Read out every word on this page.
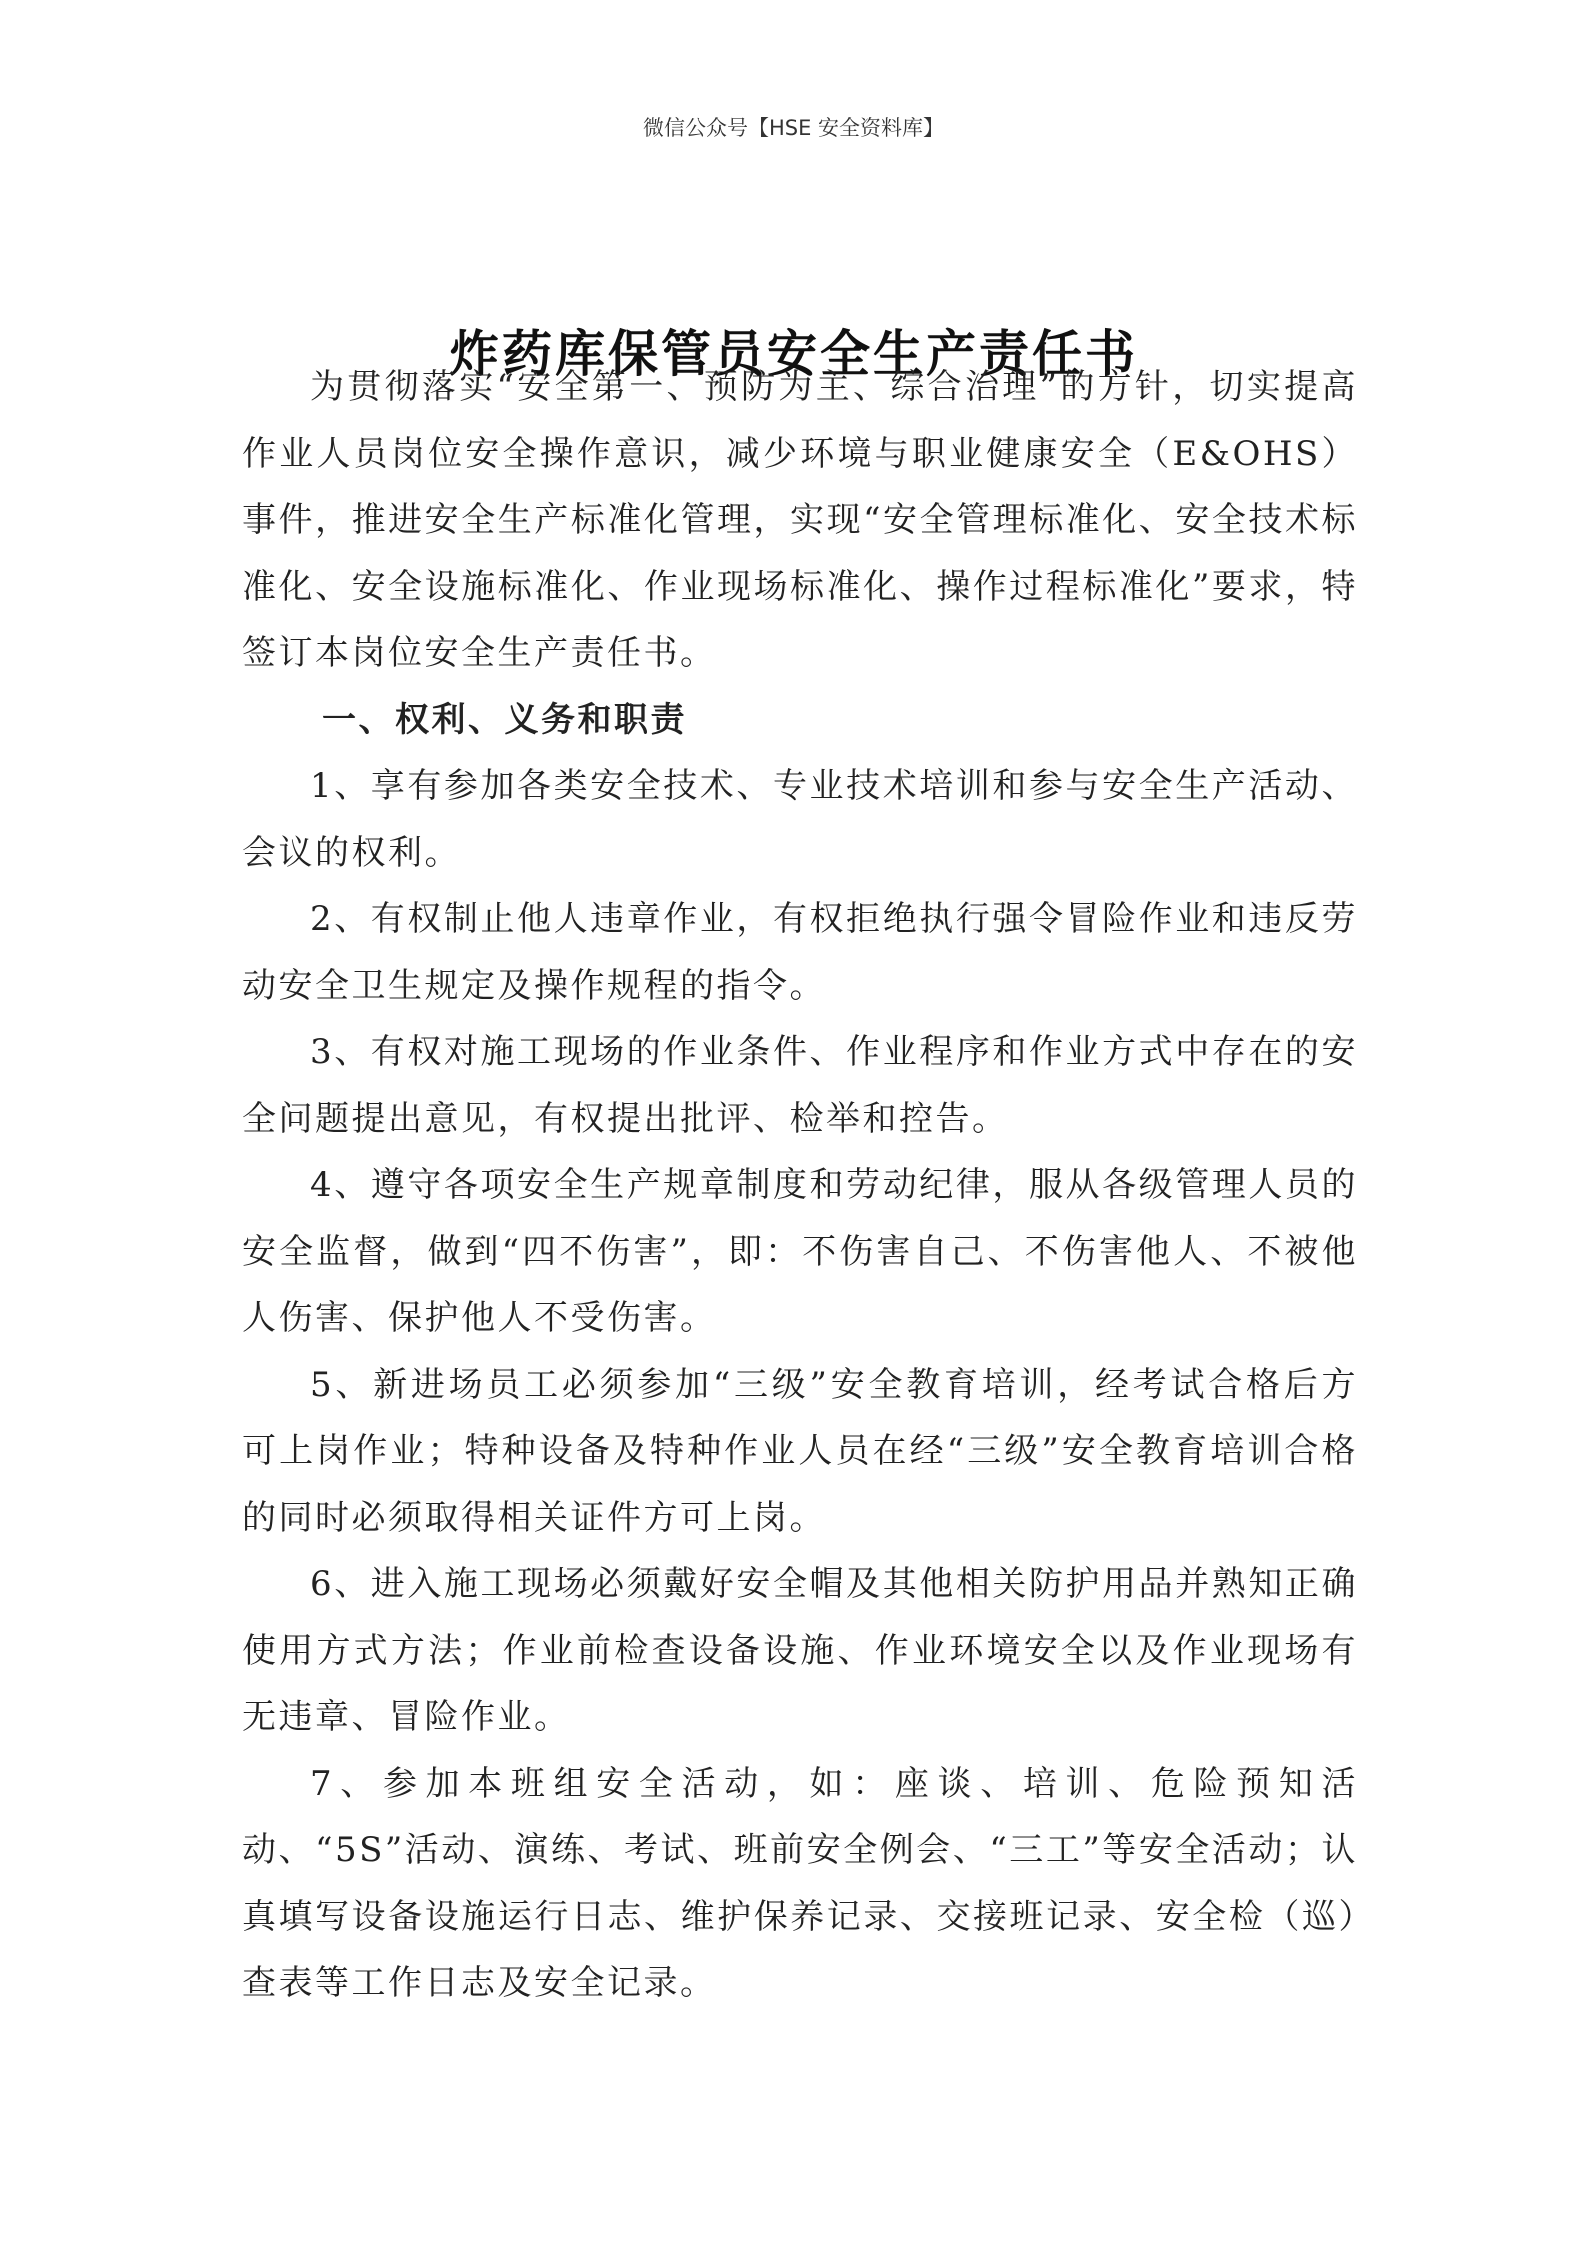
微信公众号【HSE 安全资料库】
炸药库保管员安全生产责任书

为贯彻落实“安全第一、预防为主、综合治理”的方针，切实提高作业人员岗位安全操作意识，减少环境与职业健康安全（E&OHS）事件，推进安全生产标准化管理，实现“安全管理标准化、安全技术标准化、安全设施标准化、作业现场标准化、操作过程标准化”要求，特签订本岗位安全生产责任书。

一、权利、义务和职责

1、享有参加各类安全技术、专业技术培训和参与安全生产活动、会议的权利。

2、有权制止他人违章作业，有权拒绝执行强令冒险作业和违反劳动安全卫生规定及操作规程的指令。

3、有权对施工现场的作业条件、作业程序和作业方式中存在的安全问题提出意见，有权提出批评、检举和控告。

4、遵守各项安全生产规章制度和劳动纪律，服从各级管理人员的安全监督，做到“四不伤害”，即：不伤害自己、不伤害他人、不被他人伤害、保护他人不受伤害。

5、新进场员工必须参加“三级”安全教育培训，经考试合格后方可上岗作业；特种设备及特种作业人员在经“三级”安全教育培训合格的同时必须取得相关证件方可上岗。

6、进入施工现场必须戴好安全帽及其他相关防护用品并熟知正确使用方式方法；作业前检查设备设施、作业环境安全以及作业现场有无违章、冒险作业。

7、参加本班组安全活动，如：座谈、培训、危险预知活动、“5S”活动、演练、考试、班前安全例会、“三工”等安全活动；认真填写设备设施运行日志、维护保养记录、交接班记录、安全检（巡）查表等工作日志及安全记录。
